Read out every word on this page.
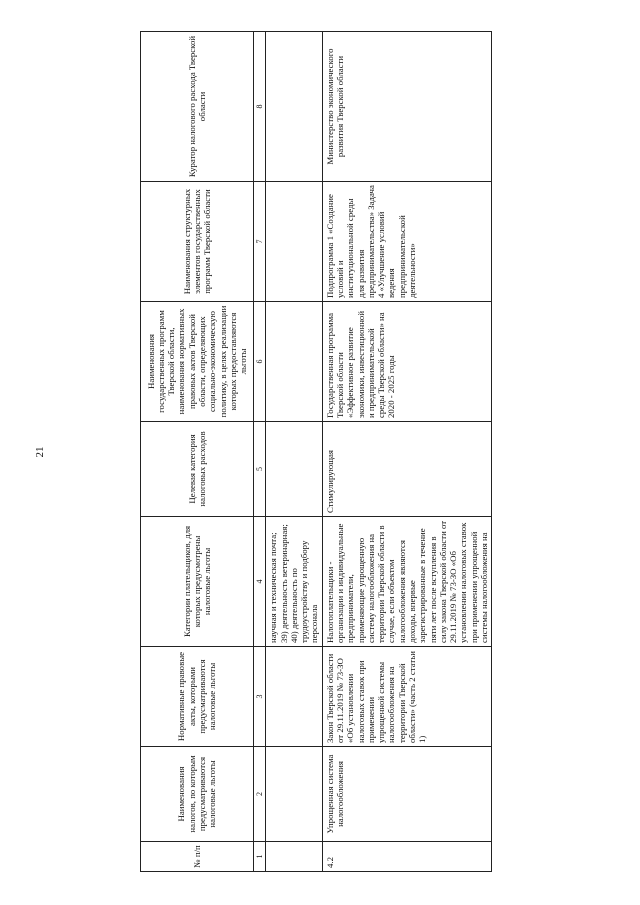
21
№ п/п	Наименования налогов, по которым предусматриваются налоговые льготы	Нормативные правовые акты, которыми предусматриваются налоговые льготы	Категории плательщиков, для которых предусмотрены налоговые льготы	Целевая категория налоговых расходов	Наименования государственных программ Тверской области, наименования нормативных правовых актов Тверской области, определяющих социально-экономическую политику, в целях реализации которых предоставляются льготы	Наименования структурных элементов государственных программ Тверской области	Куратор налогового расхода Тверской области

1	2	3	4	5	6	7	8

			научная и техническая почта;
39) деятельность ветеринарная;
40) деятельность по трудоустройству и подбору персонала				

4.2	Упрощенная система налогообложения	Закон Тверской области от 29.11.2019 № 73-ЗО «Об установлении налоговых ставок при применении упрощенной системы налогообложения на территории Тверской области» (часть 2 статьи 1)	Налогоплательщики - организации и индивидуальные предприниматели, применяющие упрощенную систему налогообложения на территории Тверской области в случае, если объектом налогообложения являются доходы, впервые зарегистрированные в течение пяти лет после вступления в силу закона Тверской области от 29.11.2019 № 73-ЗО «Об установлении налоговых ставок при применении упрощенной системы налогообложения на	Стимулирующая	Государственная программа Тверской области «Эффективное развитие экономики, инвестиционной и предпринимательской среды Тверской области» на 2020 - 2025 годы	Подпрограмма 1 «Создание условий и институциональной среды для развития предпринимательства» Задача 4 «Улучшение условий ведения предпринимательской деятельности»	Министерство экономического развития Тверской области
